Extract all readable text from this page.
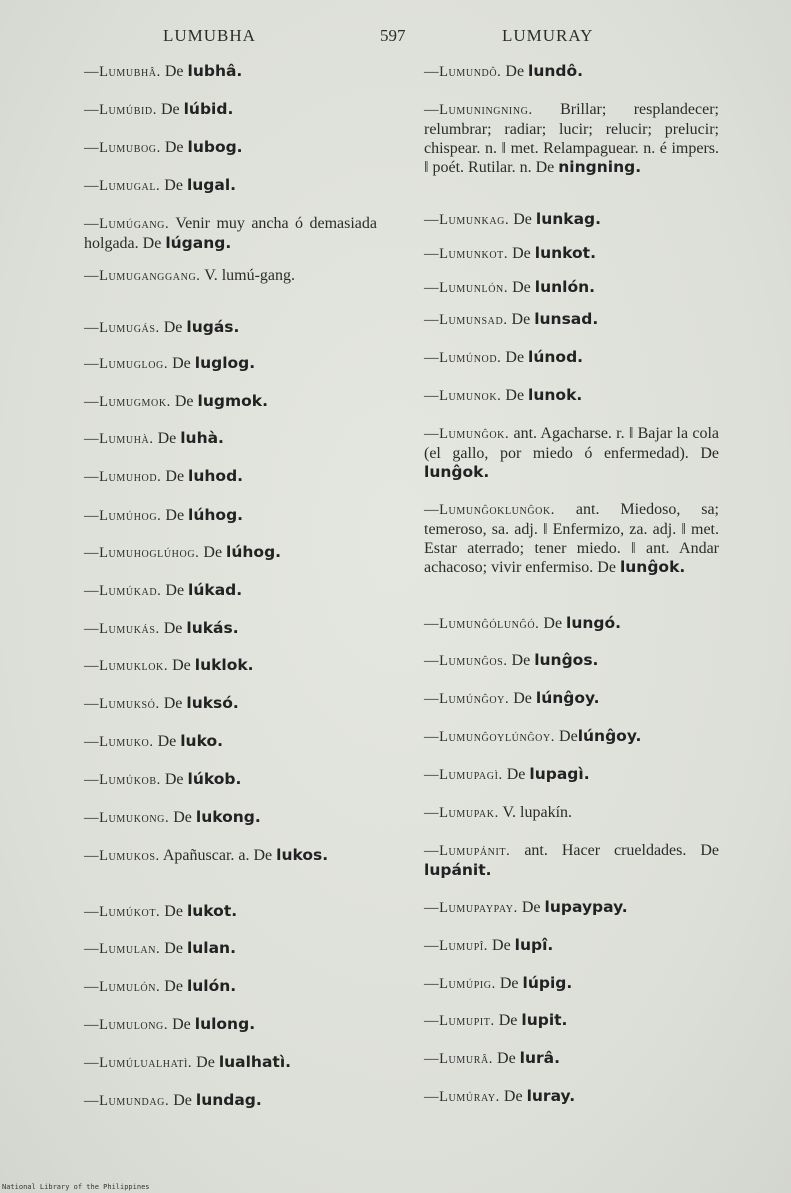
LUMUBHA	597	LUMURAY
—Lumubhâ. De lubhâ.
—Lumúbid. De lúbid.
—Lumubog. De lubog.
—Lumugal. De lugal.
—Lumúgang. Venir muy ancha ó demasiada holgada. De lúgang.
—Lumuganggang. V. lumú-gang.
—Lumugás. De lugás.
—Lumuglog. De luglog.
—Lumugmok. De lugmok.
—Lumuhà. De luhà.
—Lumuhod. De luhod.
—Lumúhog. De lúhog.
—Lumuhoglúhog. De lúhog.
—Lumúkad. De lúkad.
—Lumukás. De lukás.
—Lumuklok. De luklok.
—Lumuksó. De luksó.
—Lumuko. De luko.
—Lumúkob. De lúkob.
—Lumukong. De lukong.
—Lumukos. Apañuscar. a. De lukos.
—Lumúkot. De lukot.
—Lumulan. De lulan.
—Lumulón. De lulón.
—Lumulong. De lulong.
—Lumúlualhatì. De lualhatì.
—Lumundag. De lundag.
—Lumundô. De lundô.
—Lumuningning. Brillar; resplandecer; relumbrar; radiar; lucir; relucir; prelucir; chispear. n. ‖ met. Relampaguear. n. é impers. ‖ poét. Rutilar. n. De ningning.
—Lumunkag. De lunkag.
—Lumunkot. De lunkot.
—Lumunlón. De lunlón.
—Lumunsad. De lunsad.
—Lumúnod. De lúnod.
—Lumunok. De lunok.
—Lumunĝok. ant. Agacharse. r. ‖ Bajar la cola (el gallo, por miedo ó enfermedad). De lunĝok.
—Lumunĝoklunĝok. ant. Miedoso, sa; temeroso, sa. adj. ‖ Enfermizo, za. adj. ‖ met. Estar aterrado; tener miedo. ‖ ant. Andar achacoso; vivir enfermiso. De lunĝok.
—Lumunĝólunĝó. De lungó.
—Lumunĝos. De lunĝos.
—Lumúnĝoy. De lúnĝoy.
—Lumunĝoylúnĝoy. Delúnĝoy.
—Lumupagì. De lupagì.
—Lumupak. V. lupakín.
—Lumupánit. ant. Hacer crueldades. De lupánit.
—Lumupaypay. De lupaypay.
—Lumupî. De lupî.
—Lumúpig. De lúpig.
—Lumupit. De lupit.
—Lumurâ. De lurâ.
—Lumúray. De luray.
National Library of the Philippines
